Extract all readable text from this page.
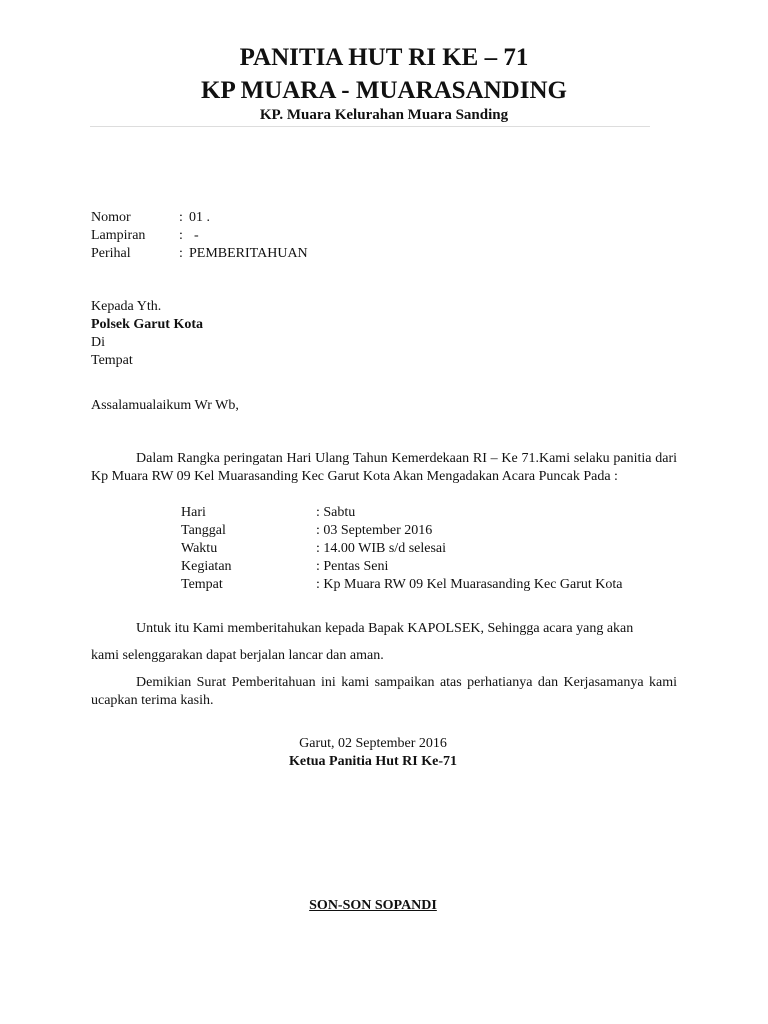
PANITIA HUT RI KE – 71
KP MUARA - MUARASANDING
KP. Muara Kelurahan Muara Sanding
Nomor	: 01 .
Lampiran : -
Perihal	: PEMBERITAHUAN
Kepada Yth.
Polsek Garut Kota
Di
Tempat
Assalamualaikum Wr Wb,
Dalam Rangka peringatan Hari Ulang Tahun Kemerdekaan RI – Ke 71.Kami selaku panitia dari Kp Muara RW 09 Kel Muarasanding Kec Garut Kota Akan Mengadakan Acara Puncak Pada :
Hari	: Sabtu
Tanggal	: 03 September 2016
Waktu	: 14.00 WIB s/d selesai
Kegiatan	: Pentas Seni
Tempat	: Kp Muara RW 09 Kel Muarasanding Kec Garut Kota
Untuk itu Kami memberitahukan kepada Bapak KAPOLSEK, Sehingga acara yang akan
kami selenggarakan dapat berjalan lancar dan aman.
Demikian Surat Pemberitahuan ini kami sampaikan atas perhatianya dan Kerjasamanya kami ucapkan terima kasih.
Garut, 02 September 2016
Ketua Panitia Hut RI Ke-71
SON-SON SOPANDI
